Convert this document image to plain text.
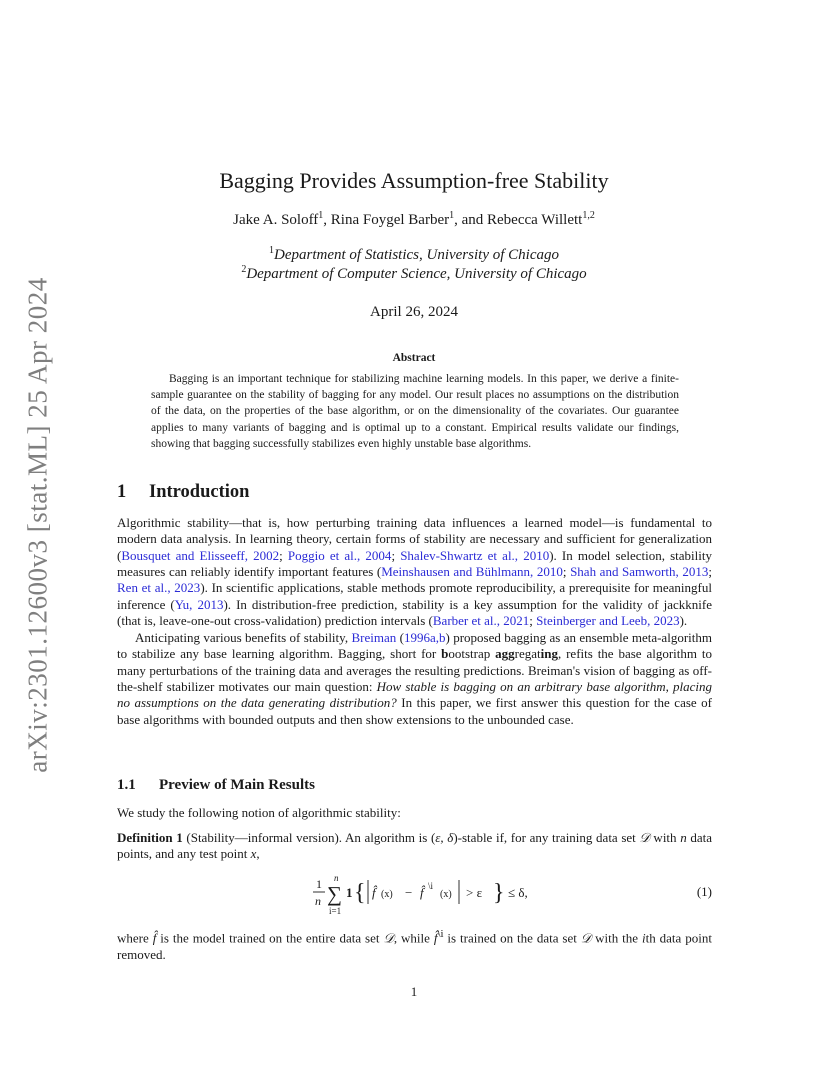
arXiv:2301.12600v3 [stat.ML] 25 Apr 2024
Bagging Provides Assumption-free Stability
Jake A. Soloff$^1$, Rina Foygel Barber$^1$, and Rebecca Willett$^{1,2}$
$^1$Department of Statistics, University of Chicago
$^2$Department of Computer Science, University of Chicago
April 26, 2024
Abstract

Bagging is an important technique for stabilizing machine learning models. In this paper, we derive a finite-sample guarantee on the stability of bagging for any model. Our result places no assumptions on the distribution of the data, on the properties of the base algorithm, or on the dimensionality of the covariates. Our guarantee applies to many variants of bagging and is optimal up to a constant. Empirical results validate our findings, showing that bagging successfully stabilizes even highly unstable base algorithms.

1 Introduction

Algorithmic stability—that is, how perturbing training data influences a learned model—is fundamental to modern data analysis. In learning theory, certain forms of stability are necessary and sufficient for generalization (Bousquet and Elisseeff, 2002; Poggio et al., 2004; Shalev-Shwartz et al., 2010). In model selection, stability measures can reliably identify important features (Meinshausen and Bühlmann, 2010; Shah and Samworth, 2013; Ren et al., 2023). In scientific applications, stable methods promote reproducibility, a prerequisite for meaningful inference (Yu, 2013). In distribution-free prediction, stability is a key assumption for the validity of jackknife (that is, leave-one-out cross-validation) prediction intervals (Barber et al., 2021; Steinberger and Leeb, 2023).

Anticipating various benefits of stability, Breiman (1996a,b) proposed bagging as an ensemble meta-algorithm to stabilize any base learning algorithm. Bagging, short for bootstrap aggregating, refits the base algorithm to many perturbations of the training data and averages the resulting predictions. Breiman's vision of bagging as off-the-shelf stabilizer motivates our main question: How stable is bagging on an arbitrary base algorithm, placing no assumptions on the data generating distribution? In this paper, we first answer this question for the case of base algorithms with bounded outputs and then show extensions to the unbounded case.

1.1 Preview of Main Results

We study the following notion of algorithmic stability:

Definition 1 (Stability—informal version). An algorithm is (ε, δ)-stable if, for any training data set 𝒟 with n data points, and any test point x,

1
n
n
∑
i=1
1 { f̂ (x) − f̂ \i
(x) > ε } ≤ δ,	(1)

where f̂ is the model trained on the entire data set 𝒟, while f̂$^{\backslash i}$ is trained on the data set 𝒟 with the ith data point removed.

1
